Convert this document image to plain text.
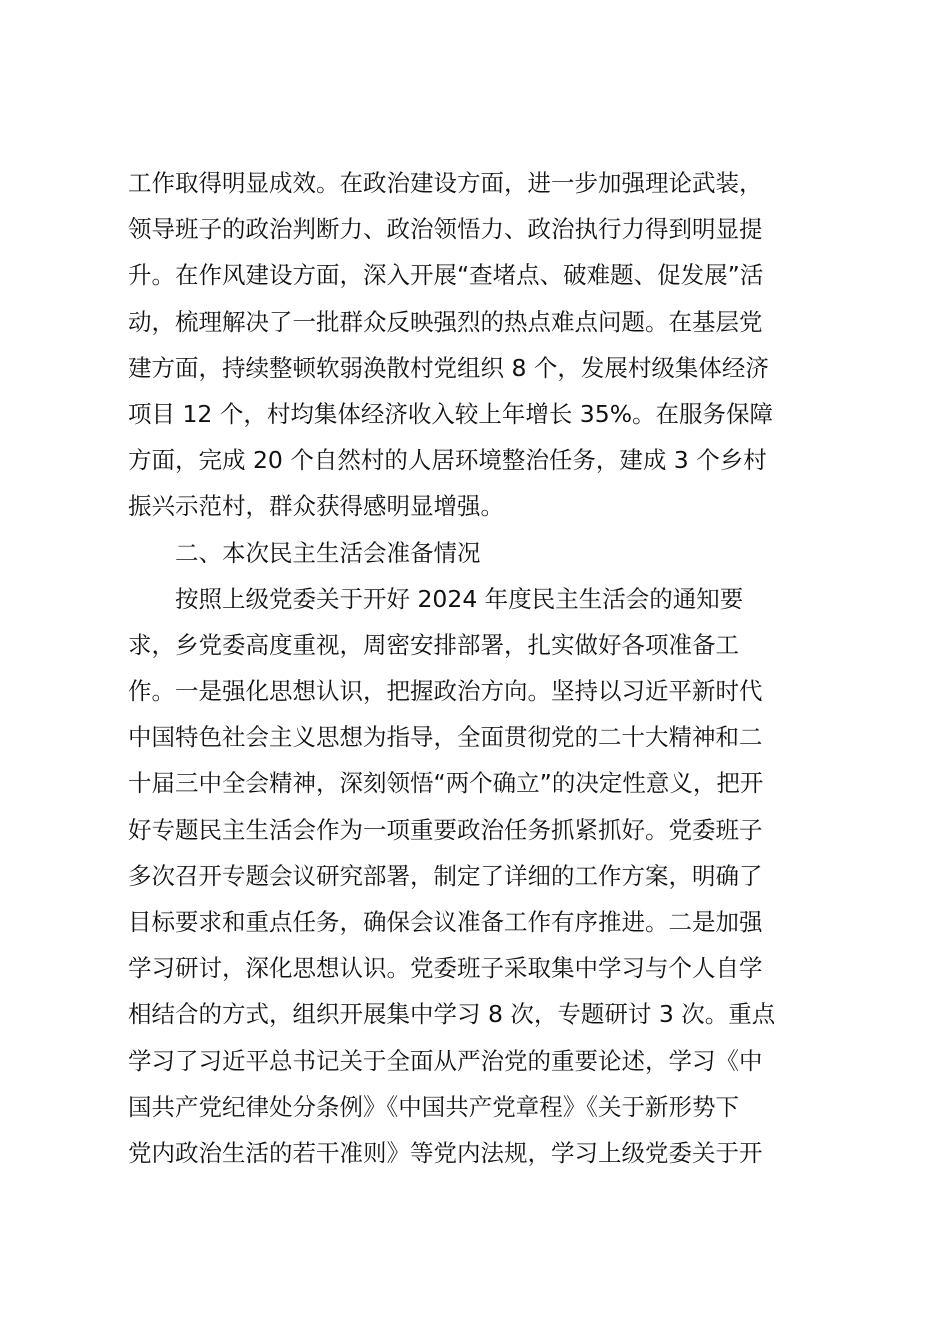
工作取得明显成效。在政治建设方面，进一步加强理论武装，
领导班子的政治判断力、政治领悟力、政治执行力得到明显提
升。在作风建设方面，深入开展“查堵点、破难题、促发展”活
动，梳理解决了一批群众反映强烈的热点难点问题。在基层党
建方面，持续整顿软弱涣散村党组织 8 个，发展村级集体经济
项目 12 个，村均集体经济收入较上年增长 35%。在服务保障
方面，完成 20 个自然村的人居环境整治任务，建成 3 个乡村
振兴示范村，群众获得感明显增强。
二、本次民主生活会准备情况
按照上级党委关于开好 2024 年度民主生活会的通知要
求，乡党委高度重视，周密安排部署，扎实做好各项准备工
作。一是强化思想认识，把握政治方向。坚持以习近平新时代
中国特色社会主义思想为指导，全面贯彻党的二十大精神和二
十届三中全会精神，深刻领悟“两个确立”的决定性意义，把开
好专题民主生活会作为一项重要政治任务抓紧抓好。党委班子
多次召开专题会议研究部署，制定了详细的工作方案，明确了
目标要求和重点任务，确保会议准备工作有序推进。二是加强
学习研讨，深化思想认识。党委班子采取集中学习与个人自学
相结合的方式，组织开展集中学习 8 次，专题研讨 3 次。重点
学习了习近平总书记关于全面从严治党的重要论述，学习《中
国共产党纪律处分条例》《中国共产党章程》《关于新形势下
党内政治生活的若干准则》等党内法规，学习上级党委关于开
